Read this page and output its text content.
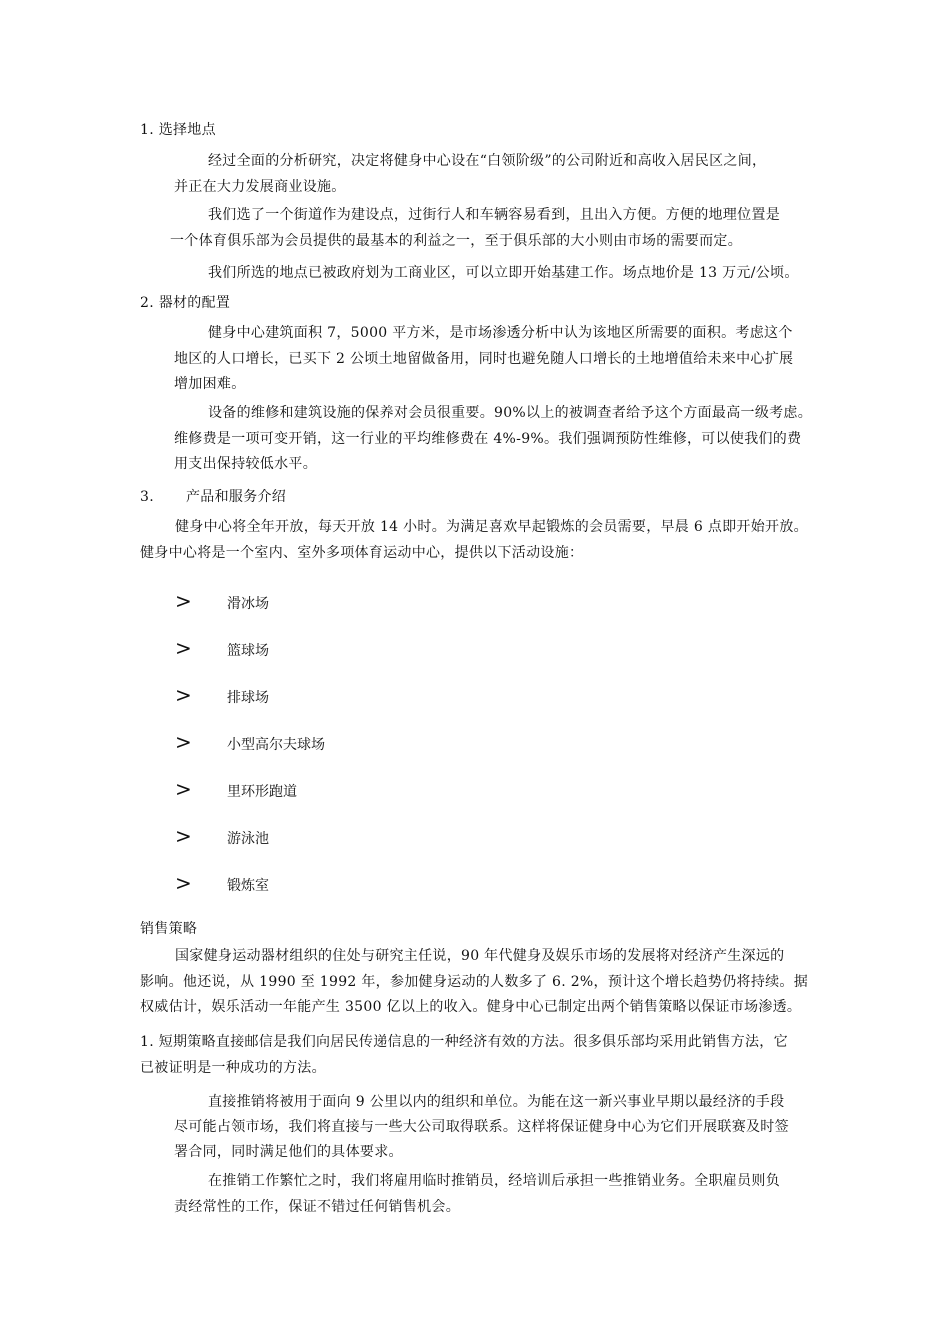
1. 选择地点
经过全面的分析研究，决定将健身中心设在“白领阶级”的公司附近和高收入居民区之间，
并正在大力发展商业设施。
我们选了一个街道作为建设点，过街行人和车辆容易看到，且出入方便。方便的地理位置是
一个体育俱乐部为会员提供的最基本的利益之一，至于俱乐部的大小则由市场的需要而定。
我们所选的地点已被政府划为工商业区，可以立即开始基建工作。场点地价是 13 万元/公顷。
2. 器材的配置
健身中心建筑面积 7，5000 平方米，是市场渗透分析中认为该地区所需要的面积。考虑这个
地区的人口增长，已买下 2 公顷土地留做备用，同时也避免随人口增长的土地增值给未来中心扩展
增加困难。
设备的维修和建筑设施的保养对会员很重要。90%以上的被调查者给予这个方面最高一级考虑。
维修费是一项可变开销，这一行业的平均维修费在 4%-9%。我们强调预防性维修，可以使我们的费
用支出保持较低水平。
3. 产品和服务介绍
健身中心将全年开放，每天开放 14 小时。为满足喜欢早起锻炼的会员需要，早晨 6 点即开始开放。
健身中心将是一个室内、室外多项体育运动中心，提供以下活动设施：
>	滑冰场
>	篮球场
>	排球场
>	小型高尔夫球场
>	里环形跑道
>	游泳池
>	锻炼室
销售策略
国家健身运动器材组织的住处与研究主任说，90 年代健身及娱乐市场的发展将对经济产生深远的
影响。他还说，从 1990 至 1992 年，参加健身运动的人数多了 6. 2%，预计这个增长趋势仍将持续。据
权威估计，娱乐活动一年能产生 3500 亿以上的收入。健身中心已制定出两个销售策略以保证市场渗透。
1. 短期策略直接邮信是我们向居民传递信息的一种经济有效的方法。很多俱乐部均采用此销售方法，它
已被证明是一种成功的方法。
直接推销将被用于面向 9 公里以内的组织和单位。为能在这一新兴事业早期以最经济的手段
尽可能占领市场，我们将直接与一些大公司取得联系。这样将保证健身中心为它们开展联赛及时签
署合同，同时满足他们的具体要求。
在推销工作繁忙之时，我们将雇用临时推销员，经培训后承担一些推销业务。全职雇员则负
责经常性的工作，保证不错过任何销售机会。
